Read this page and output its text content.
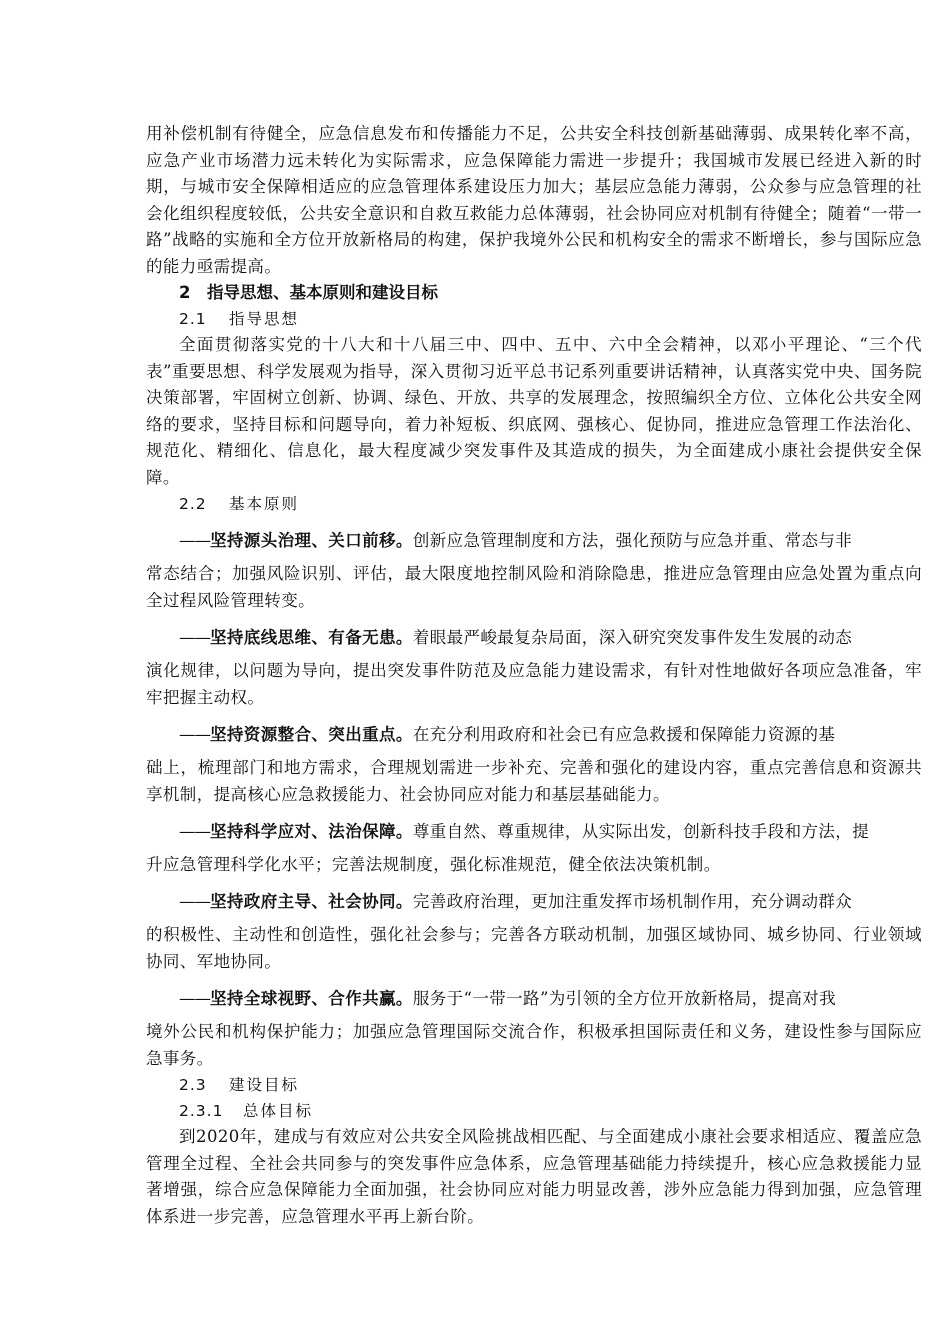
用补偿机制有待健全，应急信息发布和传播能力不足，公共安全科技创新基础薄弱、成果转化率不高，应急产业市场潜力远未转化为实际需求，应急保障能力需进一步提升；我国城市发展已经进入新的时期，与城市安全保障相适应的应急管理体系建设压力加大；基层应急能力薄弱，公众参与应急管理的社会化组织程度较低，公共安全意识和自救互救能力总体薄弱，社会协同应对机制有待健全；随着“一带一路”战略的实施和全方位开放新格局的构建，保护我境外公民和机构安全的需求不断增长，参与国际应急的能力亟需提高。

2　指导思想、基本原则和建设目标

2.1 指导思想

全面贯彻落实党的十八大和十八届三中、四中、五中、六中全会精神，以邓小平理论、“三个代表”重要思想、科学发展观为指导，深入贯彻习近平总书记系列重要讲话精神，认真落实党中央、国务院决策部署，牢固树立创新、协调、绿色、开放、共享的发展理念，按照编织全方位、立体化公共安全网络的要求，坚持目标和问题导向，着力补短板、织底网、强核心、促协同，推进应急管理工作法治化、规范化、精细化、信息化，最大程度减少突发事件及其造成的损失，为全面建成小康社会提供安全保障。

2.2 基本原则

——坚持源头治理、关口前移。创新应急管理制度和方法，强化预防与应急并重、常态与非
常态结合；加强风险识别、评估，最大限度地控制风险和消除隐患，推进应急管理由应急处置为重点向全过程风险管理转变。

——坚持底线思维、有备无患。着眼最严峻最复杂局面，深入研究突发事件发生发展的动态
演化规律，以问题为导向，提出突发事件防范及应急能力建设需求，有针对性地做好各项应急准备，牢牢把握主动权。

——坚持资源整合、突出重点。在充分利用政府和社会已有应急救援和保障能力资源的基
础上，梳理部门和地方需求，合理规划需进一步补充、完善和强化的建设内容，重点完善信息和资源共享机制，提高核心应急救援能力、社会协同应对能力和基层基础能力。

——坚持科学应对、法治保障。尊重自然、尊重规律，从实际出发，创新科技手段和方法，提
升应急管理科学化水平；完善法规制度，强化标准规范，健全依法决策机制。

——坚持政府主导、社会协同。完善政府治理，更加注重发挥市场机制作用，充分调动群众
的积极性、主动性和创造性，强化社会参与；完善各方联动机制，加强区域协同、城乡协同、行业领域协同、军地协同。

——坚持全球视野、合作共赢。服务于“一带一路”为引领的全方位开放新格局，提高对我
境外公民和机构保护能力；加强应急管理国际交流合作，积极承担国际责任和义务，建设性参与国际应急事务。

2.3 建设目标

2.3.1 总体目标

到2020年，建成与有效应对公共安全风险挑战相匹配、与全面建成小康社会要求相适应、覆盖应急管理全过程、全社会共同参与的突发事件应急体系，应急管理基础能力持续提升，核心应急救援能力显著增强，综合应急保障能力全面加强，社会协同应对能力明显改善，涉外应急能力得到加强，应急管理体系进一步完善，应急管理水平再上新台阶。
